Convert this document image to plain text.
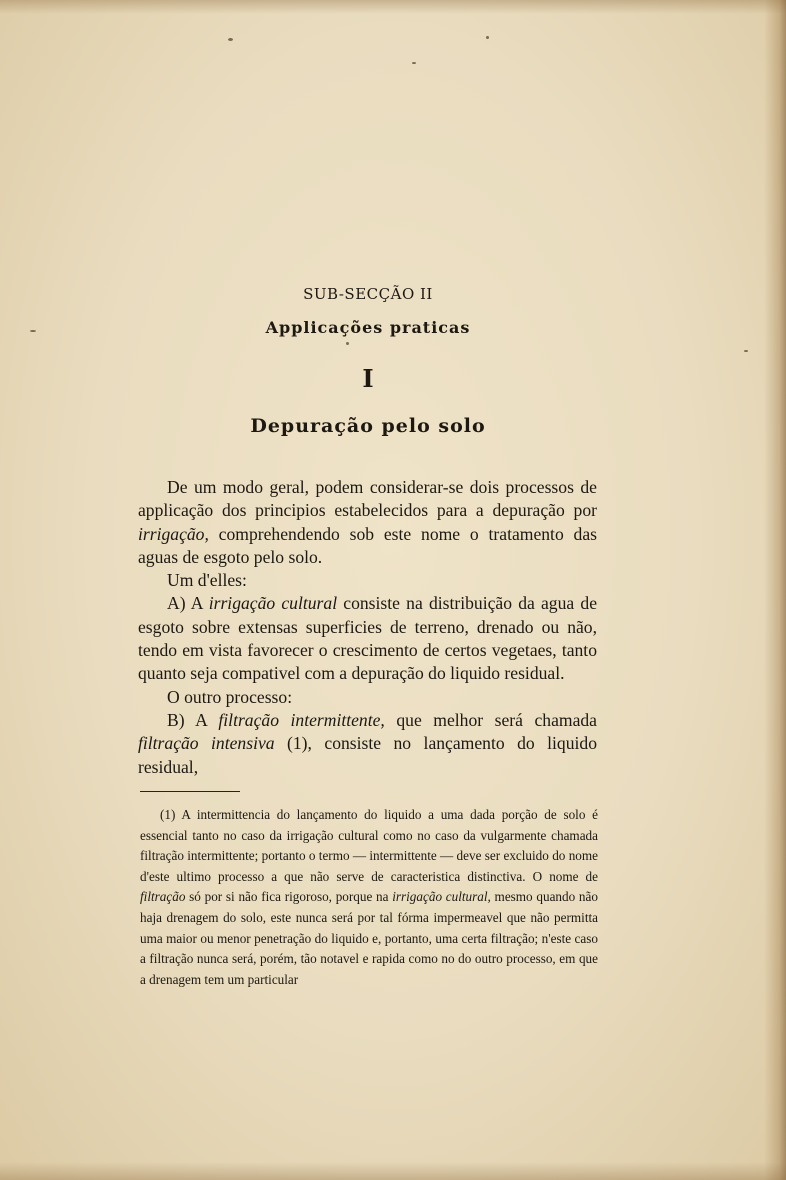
SUB-SECÇÃO II
Applicações praticas
I
Depuração pelo solo

De um modo geral, podem considerar-se dois processos de applicação dos principios estabelecidos para a depuração por irrigação, comprehendendo sob este nome o tratamento das aguas de esgoto pelo solo.

Um d'elles:

A) A irrigação cultural consiste na distribuição da agua de esgoto sobre extensas superficies de terreno, drenado ou não, tendo em vista favorecer o crescimento de certos vegetaes, tanto quanto seja compativel com a depuração do liquido residual.

O outro processo:

B) A filtração intermittente, que melhor será chamada filtração intensiva (1), consiste no lançamento do liquido residual,

(1) A intermittencia do lançamento do liquido a uma dada porção de solo é essencial tanto no caso da irrigação cultural como no caso da vulgarmente chamada filtração intermittente; portanto o termo — intermittente — deve ser excluido do nome d'este ultimo processo a que não serve de caracteristica distinctiva. O nome de filtração só por si não fica rigoroso, porque na irrigação cultural, mesmo quando não haja drenagem do solo, este nunca será por tal fórma impermeavel que não permitta uma maior ou menor penetração do liquido e, portanto, uma certa filtração; n'este caso a filtração nunca será, porém, tão notavel e rapida como no do outro processo, em que a drenagem tem um particular
